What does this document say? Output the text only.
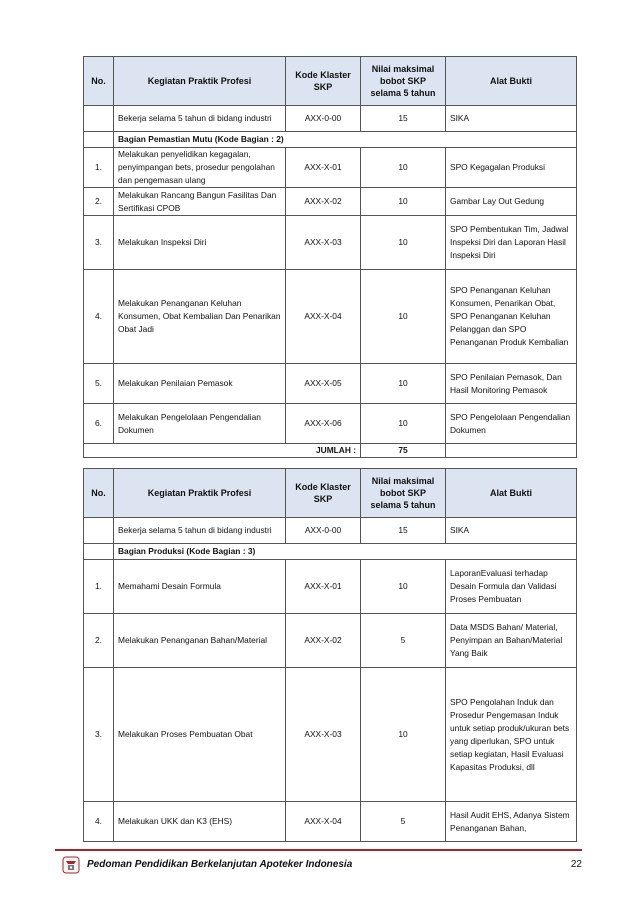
No.	Kegiatan Praktik Profesi	Kode Klaster SKP	Nilai maksimal bobot SKP selama 5 tahun	Alat Bukti
	Bekerja selama 5 tahun di bidang industri	AXX-0-00	15	SIKA
	Bagian Pemastian Mutu (Kode Bagian : 2)			
1.	Melakukan penyelidikan kegagalan, penyimpangan bets, prosedur pengolahan dan pengemasan ulang	AXX-X-01	10	SPO Kegagalan Produksi
2.	Melakukan Rancang Bangun Fasilitas Dan Sertifikasi CPOB	AXX-X-02	10	Gambar Lay Out Gedung
3.	Melakukan Inspeksi Diri	AXX-X-03	10	SPO Pembentukan Tim, Jadwal Inspeksi Diri dan Laporan Hasil Inspeksi Diri
4.	Melakukan Penanganan Keluhan Konsumen, Obat Kembalian Dan Penarikan Obat Jadi	AXX-X-04	10	SPO Penanganan Keluhan Konsumen, Penarikan Obat, SPO Penanganan Keluhan Pelanggan dan SPO Penanganan Produk Kembalian
5.	Melakukan Penilaian Pemasok	AXX-X-05	10	SPO Penilaian Pemasok, Dan Hasil Monitoring Pemasok
6.	Melakukan Pengelolaan Pengendalian Dokumen	AXX-X-06	10	SPO Pengelolaan Pengendalian Dokumen
JUMLAH :			75	
No.	Kegiatan Praktik Profesi	Kode Klaster SKP	Nilai maksimal bobot SKP selama 5 tahun	Alat Bukti
	Bekerja selama 5 tahun di bidang industri	AXX-0-00	15	SIKA
	Bagian Produksi (Kode Bagian : 3)			
1.	Memahami Desain Formula	AXX-X-01	10	LaporanEvaluasi terhadap Desain Formula dan Validasi Proses Pembuatan
2.	Melakukan Penanganan Bahan/Material	AXX-X-02	5	Data MSDS Bahan/ Material, Penyimpan an Bahan/Material Yang Baik
3.	Melakukan Proses Pembuatan Obat	AXX-X-03	10	SPO Pengolahan Induk dan Prosedur Pengemasan Induk untuk setiap produk/ukuran bets yang diperlukan, SPO untuk setiap kegiatan, Hasil Evaluasi Kapasitas Produksi, dll
4.	Melakukan UKK dan K3 (EHS)	AXX-X-04	5	Hasil Audit EHS, Adanya Sistem Penanganan Bahan,
Pedoman Pendidikan Berkelanjutan Apoteker Indonesia	22
